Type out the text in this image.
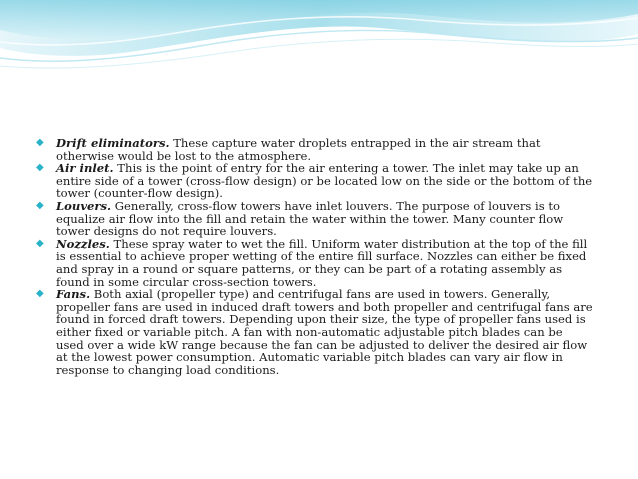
◆ Drift eliminators. These capture water droplets entrapped in the air stream that otherwise would be lost to the atmosphere.
◆ Air inlet. This is the point of entry for the air entering a tower. The inlet may take up an entire side of a tower (cross-flow design) or be located low on the side or the bottom of the tower (counter-flow design).
◆ Louvers. Generally, cross-flow towers have inlet louvers. The purpose of louvers is to equalize air flow into the fill and retain the water within the tower. Many counter flow tower designs do not require louvers.
◆ Nozzles. These spray water to wet the fill. Uniform water distribution at the top of the fill is essential to achieve proper wetting of the entire fill surface. Nozzles can either be fixed and spray in a round or square patterns, or they can be part of a rotating assembly as found in some circular cross-section towers.
◆ Fans. Both axial (propeller type) and centrifugal fans are used in towers. Generally, propeller fans are used in induced draft towers and both propeller and centrifugal fans are found in forced draft towers. Depending upon their size, the type of propeller fans used is either fixed or variable pitch. A fan with non-automatic adjustable pitch blades can be used over a wide kW range because the fan can be adjusted to deliver the desired air flow at the lowest power consumption. Automatic variable pitch blades can vary air flow in response to changing load conditions.
